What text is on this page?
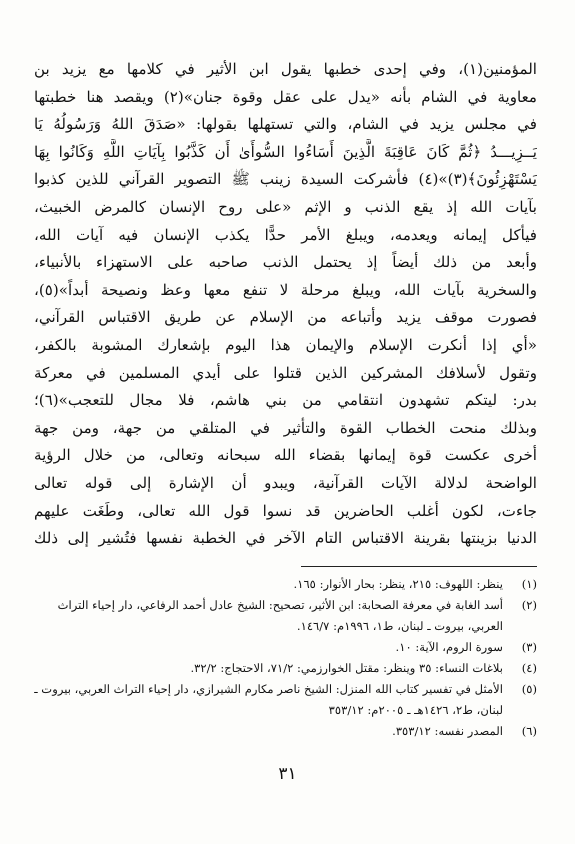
المؤمنين(١)، وفي إحدى خطبها يقول ابن الأثير في كلامها مع يزيد بن
معاوية في الشام بأنه «يدل على عقل وقوة جنان»(٢) ويقصد هنا خطبتها
في مجلس يزيد في الشام، والتي تستهلها بقولها: «صَدَقَ اللهُ وَرَسُولُهُ يَا
يَــزِيـــدُ ﴿ثُمَّ كَانَ عَاقِبَةَ الَّذِينَ أَسَاءُوا السُّوأَىٰ أَن كَذَّبُوا بِآيَاتِ اللَّهِ وَكَانُوا بِهَا
يَسْتَهْزِئُونَ﴾(٣)»(٤) فأشركت السيدة زينب ﷺ التصوير القرآني للذين كذبوا
بآيات الله إذ يقع الذنب و الإثم «على روح الإنسان كالمرض الخبيث،
فيأكل إيمانه ويعدمه، ويبلغ الأمر حدًّا يكذب الإنسان فيه آيات الله،
وأبعد من ذلك أيضاً إذ يحتمل الذنب صاحبه على الاستهزاء بالأنبياء،
والسخرية بآيات الله، ويبلغ مرحلة لا تنفع معها وعظ ونصيحة أبداً»(٥)،
فصورت موقف يزيد وأتباعه من الإسلام عن طريق الاقتباس القرآني،
«أي إذا أنكرت الإسلام والإيمان هذا اليوم بإشعارك المشوبة بالكفر،
وتقول لأسلافك المشركين الذين قتلوا على أيدي المسلمين في معركة
بدر: ليتكم تشهدون انتقامي من بني هاشم، فلا مجال للتعجب»(٦)؛
وبذلك منحت الخطاب القوة والتأثير في المتلقي من جهة، ومن جهة
أخرى عكست قوة إيمانها بقضاء الله سبحانه وتعالى، من خلال الرؤية
الواضحة لدلالة الآيات القرآنية، ويبدو أن الإشارة إلى قوله تعالى
جاءت، لكون أغلب الحاضرين قد نسوا قول الله تعالى، وطَغَت عليهم
الدنيا بزينتها بقرينة الاقتباس التام الآخر في الخطبة نفسها فتُشير إلى ذلك
(١)
ينظر: اللهوف: ٢١٥، ينظر: بحار الأنوار: ١٦٥.
(٢)
أسد الغابة في معرفة الصحابة: ابن الأثير، تصحيح: الشيخ عادل أحمد الرفاعي، دار إحياء التراث العربي، بيروت ـ لبنان، ط١، ١٩٩٦م: ١٤٦/٧.
(٣)
سورة الروم، الآية: ١٠.
(٤)
بلاغات النساء: ٣٥ وينظر: مقتل الخوارزمي: ٧١/٢، الاحتجاج: ٣٢/٢.
(٥)
الأمثل في تفسير كتاب الله المنزل: الشيخ ناصر مكارم الشيرازي، دار إحياء التراث العربي، بيروت ـ لبنان، ط٢، ١٤٢٦هـ ـ ٢٠٠٥م: ٣٥٣/١٢
(٦)
المصدر نفسه: ٣٥٣/١٢.
٣١
